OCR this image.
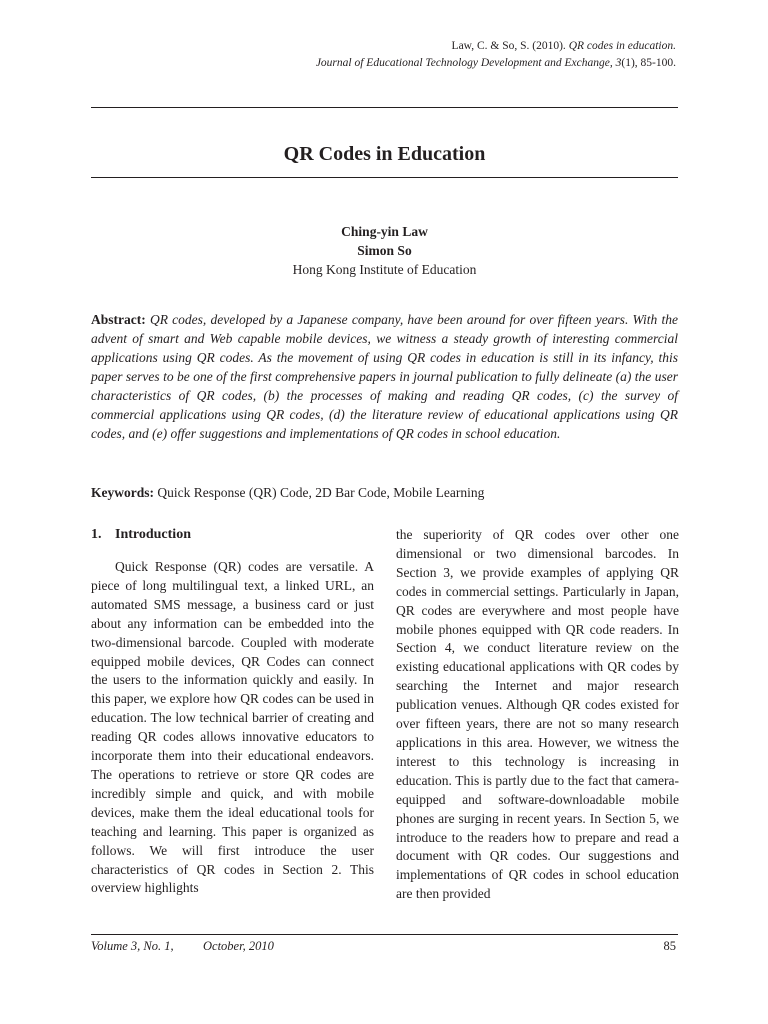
Law, C. & So, S. (2010). QR codes in education.
Journal of Educational Technology Development and Exchange, 3(1), 85-100.
QR Codes in Education
Ching-yin Law
Simon So
Hong Kong Institute of Education
Abstract: QR codes, developed by a Japanese company, have been around for over fifteen years. With the advent of smart and Web capable mobile devices, we witness a steady growth of interesting commercial applications using QR codes. As the movement of using QR codes in education is still in its infancy, this paper serves to be one of the first comprehensive papers in journal publication to fully delineate (a) the user characteristics of QR codes, (b) the processes of making and reading QR codes, (c) the survey of commercial applications using QR codes, (d) the literature review of educational applications using QR codes, and (e) offer suggestions and implementations of QR codes in school education.
Keywords: Quick Response (QR) Code, 2D Bar Code, Mobile Learning
1. Introduction

Quick Response (QR) codes are versatile. A piece of long multilingual text, a linked URL, an automated SMS message, a business card or just about any information can be embedded into the two-dimensional barcode. Coupled with moderate equipped mobile devices, QR Codes can connect the users to the information quickly and easily. In this paper, we explore how QR codes can be used in education. The low technical barrier of creating and reading QR codes allows innovative educators to incorporate them into their educational endeavors. The operations to retrieve or store QR codes are incredibly simple and quick, and with mobile devices, make them the ideal educational tools for teaching and learning. This paper is organized as follows. We will first introduce the user characteristics of QR codes in Section 2. This overview highlights

the superiority of QR codes over other one dimensional or two dimensional barcodes. In Section 3, we provide examples of applying QR codes in commercial settings. Particularly in Japan, QR codes are everywhere and most people have mobile phones equipped with QR code readers. In Section 4, we conduct literature review on the existing educational applications with QR codes by searching the Internet and major research publication venues. Although QR codes existed for over fifteen years, there are not so many research applications in this area. However, we witness the interest to this technology is increasing in education. This is partly due to the fact that camera-equipped and software-downloadable mobile phones are surging in recent years. In Section 5, we introduce to the readers how to prepare and read a document with QR codes. Our suggestions and implementations of QR codes in school education are then provided

Volume 3, No. 1, October, 2010	85
